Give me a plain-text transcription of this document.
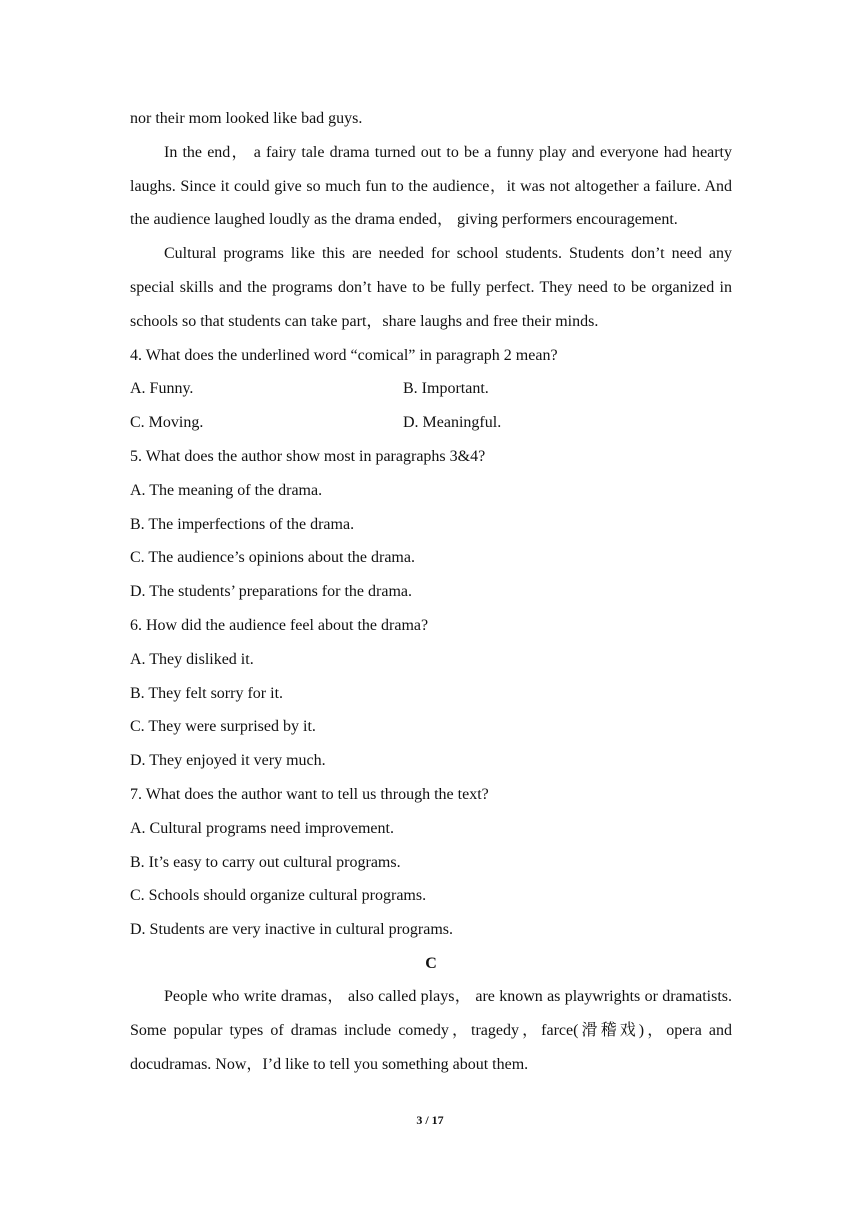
nor their mom looked like bad guys.
In the end， a fairy tale drama turned out to be a funny play and everyone had hearty laughs. Since it could give so much fun to the audience，it was not altogether a failure. And the audience laughed loudly as the drama ended， giving performers encouragement.
Cultural programs like this are needed for school students. Students don’t need any special skills and the programs don’t have to be fully perfect. They need to be organized in schools so that students can take part，share laughs and free their minds.
4. What does the underlined word “comical” in paragraph 2 mean?
A. Funny.	B. Important.
C. Moving.	D. Meaningful.
5. What does the author show most in paragraphs 3&4?
A. The meaning of the drama.
B. The imperfections of the drama.
C. The audience’s opinions about the drama.
D. The students’ preparations for the drama.
6. How did the audience feel about the drama?
A. They disliked it.
B. They felt sorry for it.
C. They were surprised by it.
D. They enjoyed it very much.
7. What does the author want to tell us through the text?
A. Cultural programs need improvement.
B. It’s easy to carry out cultural programs.
C. Schools should organize cultural programs.
D. Students are very inactive in cultural programs.
C
People who write dramas， also called plays， are known as playwrights or dramatists. Some popular types of dramas include comedy，tragedy，farce(滑稽戏)，opera and docudramas. Now，I’d like to tell you something about them.
3 / 17
